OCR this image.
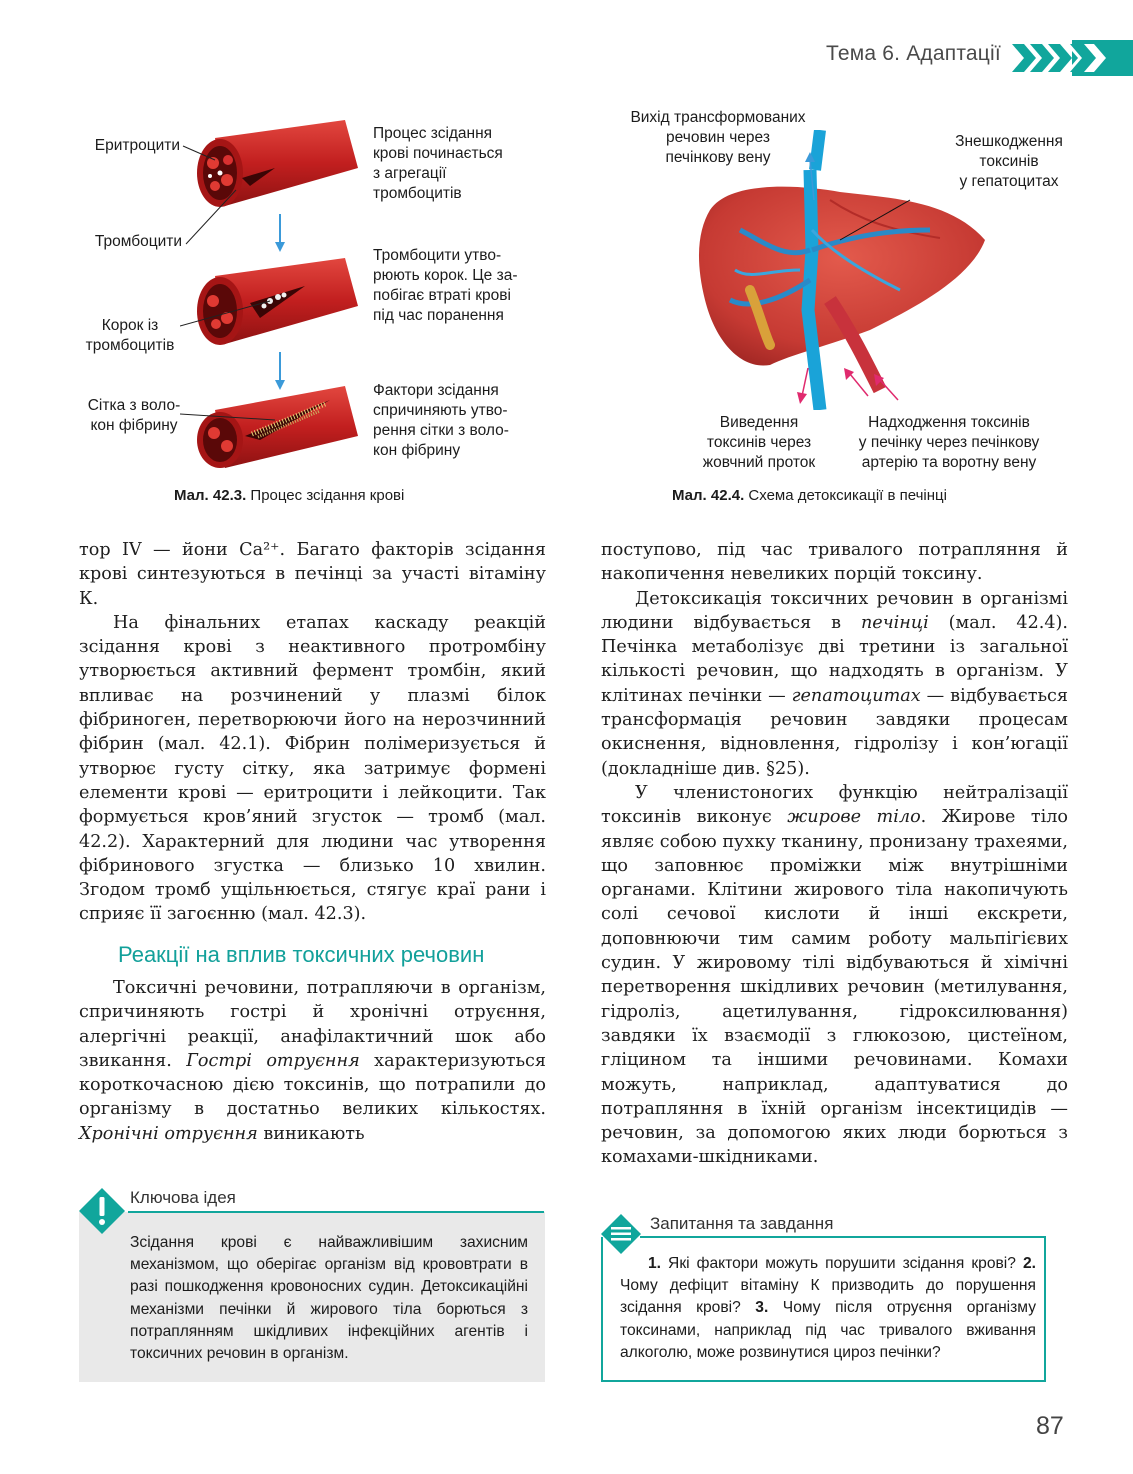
Тема 6. Адаптації
Еритроцити
Тромбоцити
Корок із
тромбоцитів
Сітка з воло-
кон фібрину
Процес зсідання
крові починається
з агрегації
тромбоцитів
Тромбоцити утво-
рюють корок. Це за-
побігає втраті крові
під час поранення
Фактори зсідання
спричиняють утво-
рення сітки з воло-
кон фібрину
Мал. 42.3. Процес зсідання крові
Вихід трансформованих
речовин через
печінкову вену
Знешкодження
токсинів
у гепатоцитах
Виведення
токсинів через
жовчний проток
Надходження токсинів
у печінку через печінкову
артерію та воротну вену
Мал. 42.4. Схема детоксикації в печінці

тор IV — йони Ca²⁺. Багато факторів зсідання крові синтезуються в печінці за участі вітаміну К.

На фінальних етапах каскаду реакцій зсідання крові з неактивного протромбіну утворюється активний фермент тромбін, який впливає на розчинений у плазмі білок фібриноген, перетворюючи його на нерозчинний фібрин (мал. 42.1). Фібрин полімеризується й утворює густу сітку, яка затримує формені елементи крові — еритроцити і лейкоцити. Так формується кров’яний згусток — тромб (мал. 42.2). Характерний для людини час утворення фібринового згустка — близько 10 хвилин. Згодом тромб ущільнюється, стягує краї рани і сприяє її загоєнню (мал. 42.3).

Реакції на вплив токсичних речовин

Токсичні речовини, потрапляючи в організм, спричиняють гострі й хронічні отруєння, алергічні реакції, анафілактичний шок або звикання. Гострі отруєння характеризуються короткочасною дією токсинів, що потрапили до організму в достатньо великих кількостях. Хронічні отруєння виникають

поступово, під час тривалого потрапляння й накопичення невеликих порцій токсину.

Детоксикація токсичних речовин в організмі людини відбувається в печінці (мал. 42.4). Печінка метаболізує дві третини із загальної кількості речовин, що надходять в організм. У клітинах печінки — гепатоцитах — відбувається трансформація речовин завдяки процесам окиснення, відновлення, гідролізу і кон’югації (докладніше див. §25).

У членистоногих функцію нейтралізації токсинів виконує жирове тіло. Жирове тіло являє собою пухку тканину, пронизану трахеями, що заповнює проміжки між внутрішніми органами. Клітини жирового тіла накопичують солі сечової кислоти й інші екскрети, доповнюючи тим самим роботу мальпігієвих судин. У жировому тілі відбуваються й хімічні перетворення шкідливих речовин (метилування, гідроліз, ацетилування, гідроксилювання) завдяки їх взаємодії з глюкозою, цистеїном, гліцином та іншими речовинами. Комахи можуть, наприклад, адаптуватися до потрапляння в їхній організм інсектицидів — речовин, за допомогою яких люди борються з комахами-шкідниками.

Ключова ідея
Зсідання крові є найважливішим захисним механізмом, що оберігає організм від крововтрати в разі пошкодження кровоносних судин. Детоксикаційні механізми печінки й жирового тіла борються з потраплянням шкідливих інфекційних агентів і токсичних речовин в організм.
Запитання та завдання
1. Які фактори можуть порушити зсідання крові? 2. Чому дефіцит вітаміну К призводить до порушення зсідання крові? 3. Чому після отруєння організму токсинами, наприклад під час тривалого вживання алкоголю, може розвинутися цироз печінки?
87
